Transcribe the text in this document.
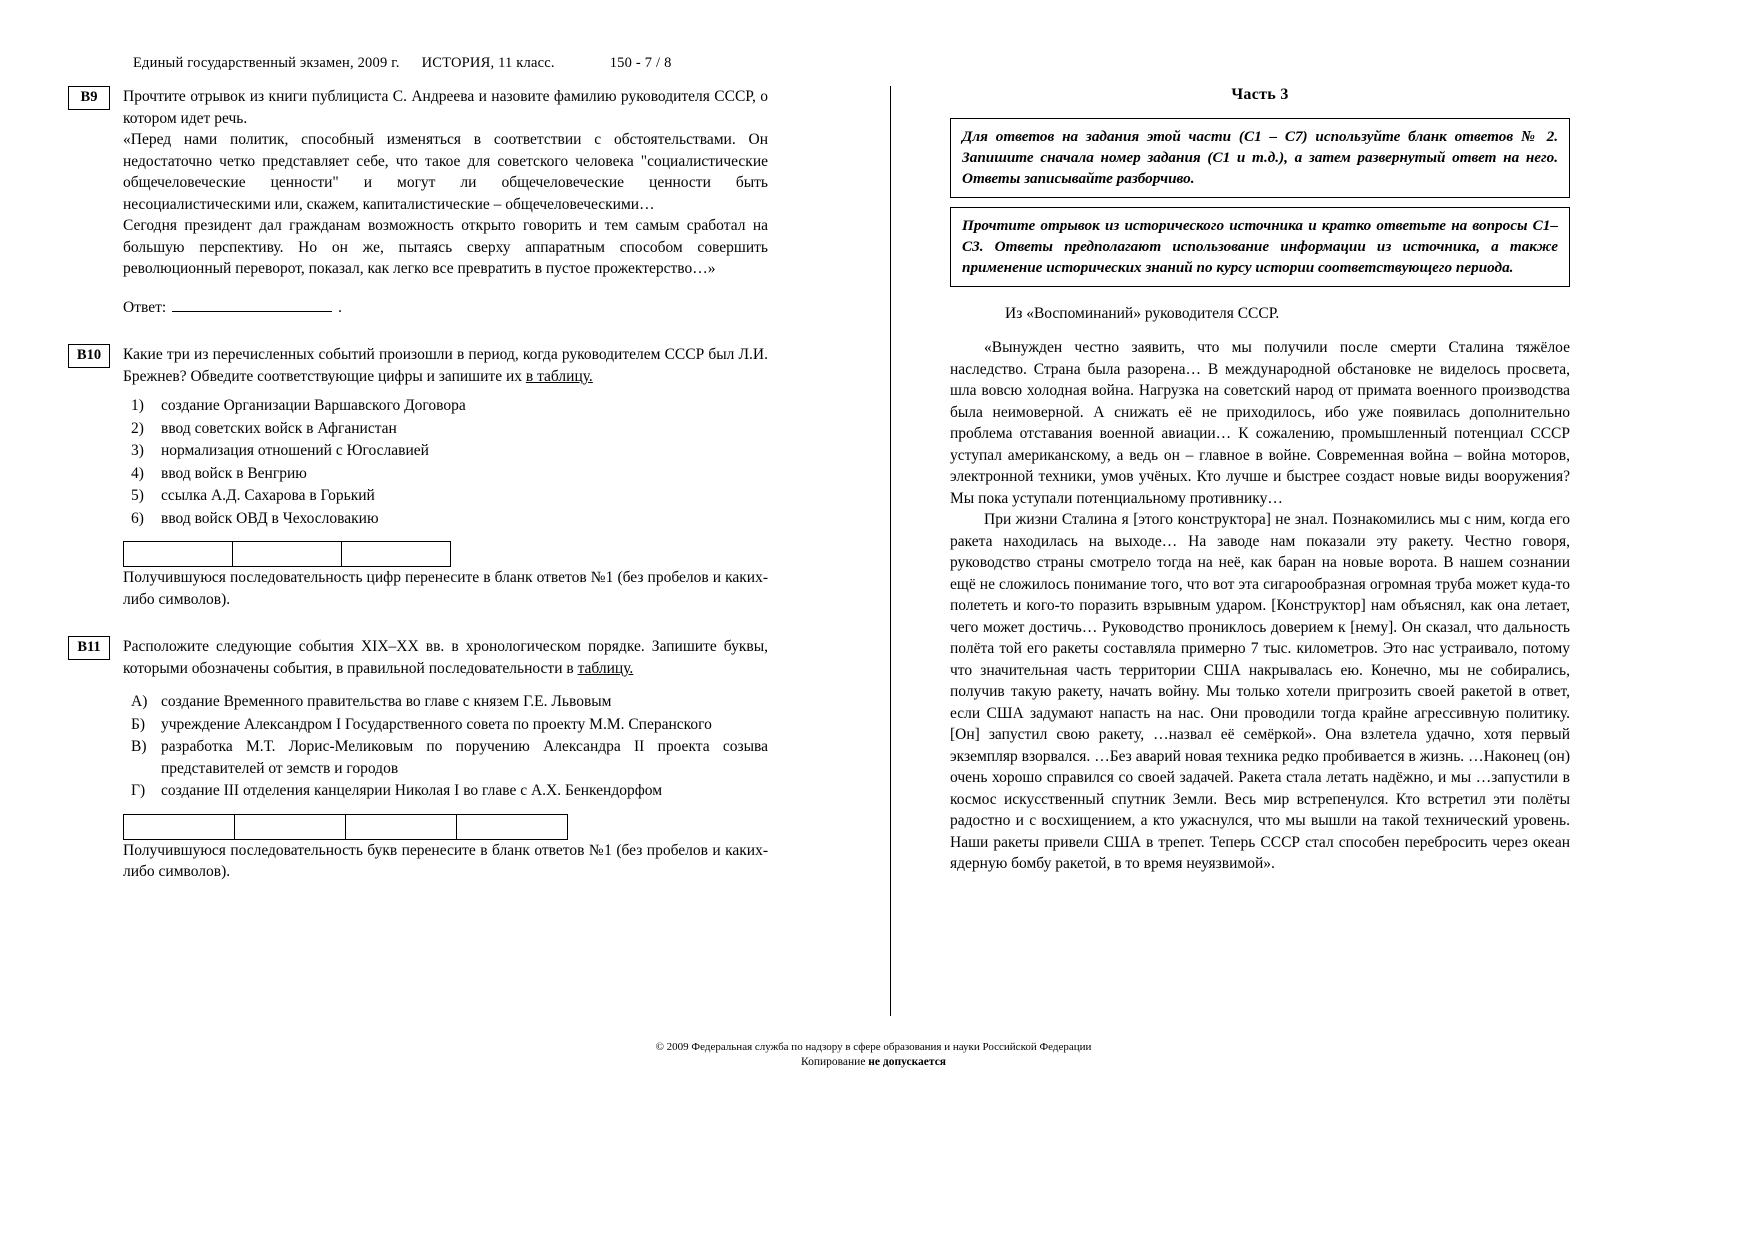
Единый государственный экзамен, 2009 г. ИСТОРИЯ, 11 класс.	150 - 7 / 8
В9	Прочтите отрывок из книги публициста С. Андреева и назовите фамилию руководителя СССР, о котором идет речь.

«Перед нами политик, способный изменяться в соответствии с обстоятельствами. Он недостаточно четко представляет себе, что такое для советского человека "социалистические общечеловеческие ценности" и могут ли общечеловеческие ценности быть несоциалистическими или, скажем, капиталистические – общечеловеческими…

Сегодня президент дал гражданам возможность открыто говорить и тем самым сработал на большую перспективу. Но он же, пытаясь сверху аппаратным способом совершить революционный переворот, показал, как легко все превратить в пустое прожектерство…»

Ответ:	.
В10	Какие три из перечисленных событий произошли в период, когда руководителем СССР был Л.И. Брежнев? Обведите соответствующие цифры и запишите их в таблицу.

1) создание Организации Варшавского Договора
2) ввод советских войск в Афганистан
3) нормализация отношений с Югославией
4) ввод войск в Венгрию
5) ссылка А.Д. Сахарова в Горький
6) ввод войск ОВД в Чехословакию

Получившуюся последовательность цифр перенесите в бланк ответов №1 (без пробелов и каких-либо символов).

В11	Расположите следующие события XIX–XX вв. в хронологическом порядке. Запишите буквы, которыми обозначены события, в правильной последовательности в таблицу.

А) создание Временного правительства во главе с князем Г.Е. Львовым
Б) учреждение Александром I Государственного совета по проекту М.М. Сперанского
В) разработка М.Т. Лорис-Меликовым по поручению Александра II проекта созыва представителей от земств и городов
Г) создание III отделения канцелярии Николая I во главе с А.Х. Бенкендорфом

Получившуюся последовательность букв перенесите в бланк ответов №1 (без пробелов и каких-либо символов).

Часть 3
Для ответов на задания этой части (С1 – С7) используйте бланк ответов № 2. Запишите сначала номер задания (С1 и т.д.), а затем развернутый ответ на него. Ответы записывайте разборчиво.
Прочтите отрывок из исторического источника и кратко ответьте на вопросы С1–С3. Ответы предполагают использование информации из источника, а также применение исторических знаний по курсу истории соответствующего периода.
Из «Воспоминаний» руководителя СССР.

«Вынужден честно заявить, что мы получили после смерти Сталина тяжёлое наследство. Страна была разорена… В международной обстановке не виделось просвета, шла вовсю холодная война. Нагрузка на советский народ от примата военного производства была неимоверной. А снижать её не приходилось, ибо уже появилась дополнительно проблема отставания военной авиации… К сожалению, промышленный потенциал СССР уступал американскому, а ведь он – главное в войне. Современная война – война моторов, электронной техники, умов учёных. Кто лучше и быстрее создаст новые виды вооружения? Мы пока уступали потенциальному противнику…

При жизни Сталина я [этого конструктора] не знал. Познакомились мы с ним, когда его ракета находилась на выходе… На заводе нам показали эту ракету. Честно говоря, руководство страны смотрело тогда на неё, как баран на новые ворота. В нашем сознании ещё не сложилось понимание того, что вот эта сигарообразная огромная труба может куда-то полететь и кого-то поразить взрывным ударом. [Конструктор] нам объяснял, как она летает, чего может достичь… Руководство прониклось доверием к [нему]. Он сказал, что дальность полёта той его ракеты составляла примерно 7 тыс. километров. Это нас устраивало, потому что значительная часть территории США накрывалась ею. Конечно, мы не собирались, получив такую ракету, начать войну. Мы только хотели пригрозить своей ракетой в ответ, если США задумают напасть на нас. Они проводили тогда крайне агрессивную политику. [Он] запустил свою ракету, …назвал её семёркой». Она взлетела удачно, хотя первый экземпляр взорвался. …Без аварий новая техника редко пробивается в жизнь. …Наконец (он) очень хорошо справился со своей задачей. Ракета стала летать надёжно, и мы …запустили в космос искусственный спутник Земли. Весь мир встрепенулся. Кто встретил эти полёты радостно и с восхищением, а кто ужаснулся, что мы вышли на такой технический уровень. Наши ракеты привели США в трепет. Теперь СССР стал способен перебросить через океан ядерную бомбу ракетой, в то время неуязвимой».

© 2009 Федеральная служба по надзору в сфере образования и науки Российской Федерации
Копирование не допускается
